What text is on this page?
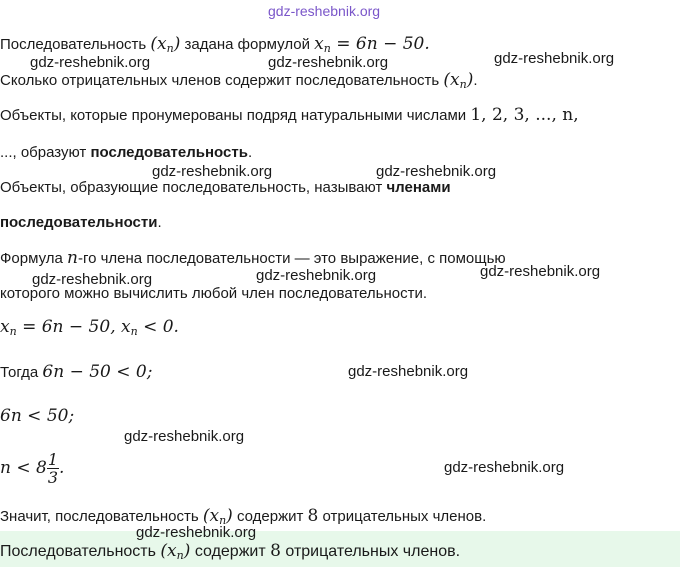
gdz-reshebnik.org
Последовательность $(x_n)$ задана формулой $x_n = 6n - 50$.
Сколько отрицательных членов содержит последовательность $(x_n)$.
gdz-reshebnik.org	gdz-reshebnik.org	gdz-reshebnik.org
Объекты, которые пронумерованы подряд натуральными числами 1, 2, 3, ..., n,
..., образуют последовательность.
gdz-reshebnik.org	gdz-reshebnik.org
Объекты, образующие последовательность, называют членами
последовательности.
Формула n-го члена последовательности — это выражение, с помощью
gdz-reshebnik.org	gdz-reshebnik.org	gdz-reshebnik.org
которого можно вычислить любой член последовательности.
$x_n = 6n - 50$, $x_n < 0$.
Тогда 6n − 50 < 0;	gdz-reshebnik.org
6n < 50;
gdz-reshebnik.org
$n < 8 \frac{1}{3}$ .	gdz-reshebnik.org
Значит, последовательность $(x_n)$ содержит 8 отрицательных членов.
gdz-reshebnik.org
Последовательность $(x_n)$ содержит 8 отрицательных членов.
